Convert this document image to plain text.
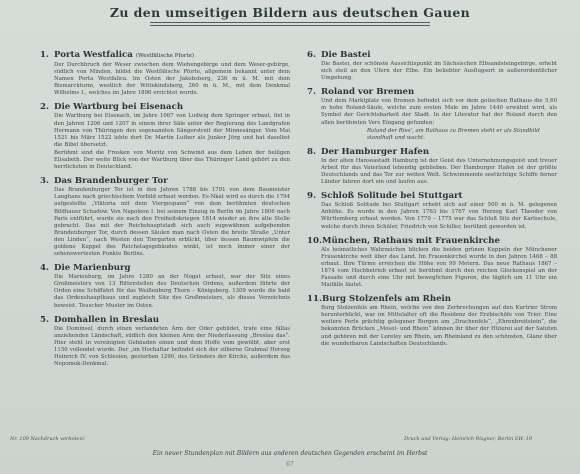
Zu den umseitigen Bildern aus deutschen Gauen
1. Porta Westfalica (Westfälische Pforte)

Der Durchbruch der Weser zwischen dem Wiehengebirge und dem Weser-gebirge, südlich von Minden, bildet die Westfälische Pforte, allgemein bekannt unter dem Namen Porta Westfalica. Im Osten der Jakobsberg, 236 m ü. M. mit dem Bismarckturm, westlich der Wittekindsberg, 260 m ü. M., mit dem Denkmal Wilhelms I., welches im Jahre 1896 errichtet wurde.

2. Die Wartburg bei Eisenach

Die Wartburg bei Eisenach, im Jahre 1067 von Ludwig dem Springer erbaut, fiel in den Jahren 1206 und 1207 in einem ihrer Säle unter der Regierung des Landgrafen Hermann von Thüringen den sogenannten Sängerstreit der Minnesänger. Vom Mai 1521 bis März 1522 lebte dort Dr. Martin Luther als Junker Jörg und hat daselbst die Bibel übersetzt.

Berühmt sind die Fresken von Moritz von Schwind aus dem Leben der heiligen Elisabeth. Der weite Blick von der Wartburg über das Thüringer Land gehört zu den herrlichsten in Deutschland.

3. Das Brandenburger Tor

Das Brandenburger Tor ist in den Jahren 1788 bis 1791 von dem Baumeister Langhans nach griechischem Vorbild erbaut worden. Es-Nkat wird es durch die 1794 aufgestellte „Viktoria mit dem Viergespann“ von dem berühmten deutschen Bildhauer Schadow. Von Napoleon I. bei seinem Einzug in Berlin im Jahre 1806 nach Paris entführt, wurde sie nach den Freiheitskriegen 1814 wieder an ihre alte Stelle gebracht. Das mit der Reichshauptstadt sich auch zugewähnen aufgebenden Brandenburger Tor, durch dessen Säulen man nach Osten die breite Straße „Unter den Linden“, nach Westen den Tiergarten erblickt, über dessen Baumwipfeln die goldene Kuppel des Reichstagsgebäudes winkt, ist noch immer einer der sehenswertesten Punkte Berlins.

4. Die Marienburg

Die Marienburg, im Jahre 1280 an der Nogat erbaut, war der Sitz eines Großmeisters von 13 Ritterstellen des Deutschen Ordens, außerdem führte der Orden eine Schiffahrt für das Weißenburg Thorn – Königsberg. 1309 wurde die bald das Ordenshaupthaus und zugleich Sitz des Großmeisters, als dieses Verzeichnis beweist. Teuscher Muster im Osten.

5. Domhallen in Breslau

Die Dominsel, durch einen verlandeten Arm der Oder gebildet, trafe eine fällas anziehenden Ländschaft, südlich den kleinen Arm der Niederlassung „Breslau das“. Hier steht in vereinigten Gebäuden einen und dem Hoffe vom gewölbt, aber erst 1150 vollendet wurde. Der „im Hochaltar befindet sich der silberne Grabmal Herzog Heinrich IV. von Schlesien, gestorben 1290, des Gründers der Kirche, außerdem das Nepomuk-Denkmal.

6. Die Bastei

Die Bastei, der schönste Aussichtspunkt im Sächsischen Elbsandsteingebirge, erhebt sich steil an den Ufern der Elbe. Ein beliebter Ausflugsort in außerordentlicher Umgebung.

7. Roland vor Bremen

Und dem Marktplatz von Bremen befindet sich vor dem gotischen Rathaus die 5,60 m hohe Roland-Säule, welche zum ersten Male im Jahre 1440 erwähnt wird, als Symbol der Gerichtsbarkeit der Stadt. In der Literatur hat der Roland durch den allen berühmten Vers Eingang gefunden:

Roland der Ries', am Rathaus zu Bremen steht er als Standbild standhaft und wacht.
8. Der Hamburger Hafen

In der alten Hanseastadt Hamburg ist der Geist des Unternehmungsgeist und treuer Arbeit für das Vaterland lebendig geblieben. Der Hamburger Hafen ist der größte Deutschlands und das Tor zur weiten Welt. Schwimmende seetüchtige Schiffe ferner Länder fahren dort ein und laufen aus.

9. Schloß Solitude bei Stuttgart

Das Schloß Solitude bei Stuttgart erhebt sich auf einer 500 m ü. M. gelegenen Anhöhe. Es wurde in den Jahren 1763 bis 1767 von Herzog Karl Theodor von Württemberg erbaut worden. Von 1770 – 1775 war das Schloß Sitz der Karlsschule, welche durch ihren Schüler, Friedrich von Schiller, berühmt geworden ist.

10.München, Rathaus mit Frauenkirche

Als heimatliches Wahrzeichen blicken die beiden grünen Kuppeln der Münchener Frauenkirche weit über das Land. Im Frauenkirchel wurde in den Jahren 1468 – 88 erbaut. Ihre Türme erreichen die Höhe von 99 Metern. Das neue Rathaus 1867 – 1874 vom Hochbetrieb erbaut ist berühmt durch den reichen Glockenspiel an der Fassade und durch eine Uhr mit beweglichen Figuren, die täglich um 11 Uhr ein Maifälle läutet.

11.Burg Stolzenfels am Rhein

Burg Stolzenfels am Rhein, welche von den Zerbrechungen auf den Kurtrier Strom herunterblickt, war im Mittelalter oft die Residenz der Erzbischöfe von Trier. Eine weitere Perle prächtig gelegener Burgen am „Drachenfels“, „Ehrenbreitstein“, die bekannten Brücken „Mosel- und Rhein“ können ihr über der Hüterei auf der Saluten und gehören mit der Loreley am Rhein, am Rheinland zu den schönsten, Glanz über die wunderbaren Landschaften Deutschlands.

Nr. 109 Nachdruck verboten!	Druck und Verlag: Heinrich Wagner, Berlin SW. 19
Ein neuer Stundenplan mit Bildern aus anderen deutschen Gegenden erscheint im Herbst
67
